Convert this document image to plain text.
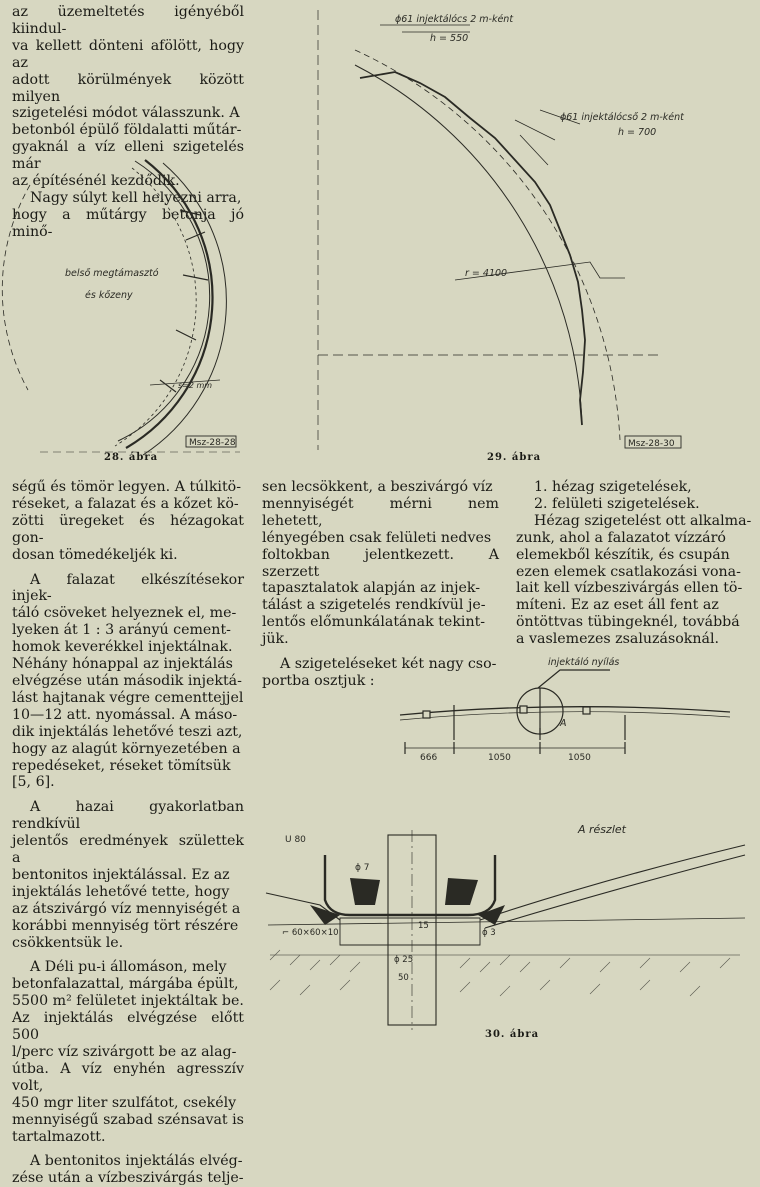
az üzemeltetés igényéből kiindul-

va kellett dönteni afölött, hogy az

adott körülmények között milyen

szigetelési módot válasszunk. A

betonból épülő földalatti műtár-

gyaknál a víz elleni szigetelés már

az építésénél kezdődik.

Nagy súlyt kell helyezni arra,

hogy a műtárgy betonja jó minő-

belső megtámasztó
és kőzeny
s=2 mm
Msz-28-28
ϕ61 injektálócs 2 m-ként
h = 550
ϕ61 injektálócső 2 m-ként
h = 700
r = 4100
Msz-28-30
injektáló nyílás
A
666	1050	1050
A részlet
U 80
ϕ 7
⌐ 60×60×10
15
ϕ 3
ϕ 25
50
28. ábra	29. ábra
30. ábra

ségű és tömör legyen. A túlkitö-

réseket, a falazat és a kőzet kö-

zötti üregeket és hézagokat gon-

dosan tömedékeljék ki.

A falazat elkészítésekor injek-

táló csöveket helyeznek el, me-

lyeken át 1 : 3 arányú cement-

homok keverékkel injektálnak.

Néhány hónappal az injektálás

elvégzése után második injektá-

lást hajtanak végre cementtejjel

10—12 att. nyomással. A máso-

dik injektálás lehetővé teszi azt,

hogy az alagút környezetében a

repedéseket, réseket tömítsük

[5, 6].

A hazai gyakorlatban rendkívül

jelentős eredmények születtek a

bentonitos injektálással. Ez az

injektálás lehetővé tette, hogy

az átszivárgó víz mennyiségét a

korábbi mennyiség tört részére

csökkentsük le.

A Déli pu-i állomáson, mely

betonfalazattal, márgába épült,

5500 m² felületet injektáltak be.

Az injektálás elvégzése előtt 500

l/perc víz szivárgott be az alag-

útba. A víz enyhén agresszív volt,

450 mgr liter szulfátot, csekély

mennyiségű szabad szénsavat is

tartalmazott.

A bentonitos injektálás elvég-

zése után a vízbeszivárgás telje-

sen lecsökkent, a beszivárgó víz

mennyiségét mérni nem lehetett,

lényegében csak felületi nedves

foltokban jelentkezett. A szerzett

tapasztalatok alapján az injek-

tálást a szigetelés rendkívül je-

lentős előmunkálatának tekint-

jük.

A szigeteléseket két nagy cso-

portba osztjuk :

1. hézag szigetelések,

2. felületi szigetelések.

Hézag szigetelést ott alkalma-

zunk, ahol a falazatot vízzáró

elemekből készítik, és csupán

ezen elemek csatlakozási vona-

lait kell vízbeszivárgás ellen tö-

míteni. Ez az eset áll fent az

öntöttvas tübingeknél, továbbá

a vaslemezes zsaluzásoknál.
